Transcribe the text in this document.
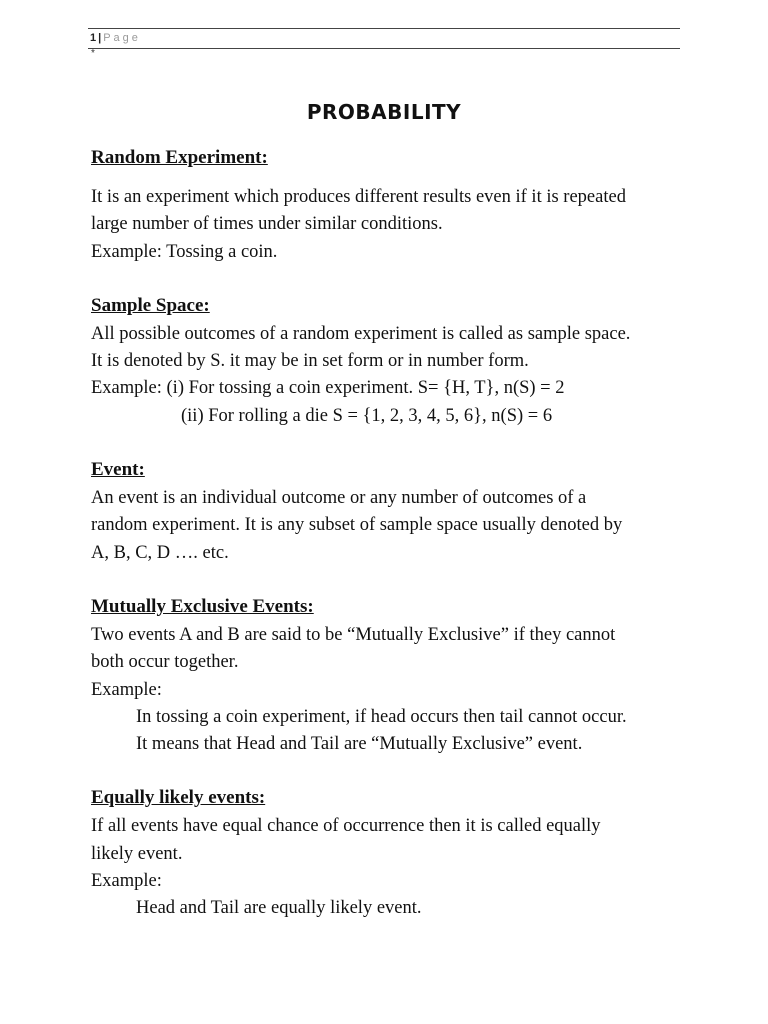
1 | Page
*
PROBABILITY
Random Experiment:

It is an experiment which produces different results even if it is repeated

large number of times under similar conditions.

Example: Tossing a coin.

Sample Space:

All possible outcomes of a random experiment is called as sample space.

It is denoted by S. it may be in set form or in number form.

Example: (i) For tossing a coin experiment. S= {H, T}, n(S) = 2

(ii) For rolling a die S = {1, 2, 3, 4, 5, 6}, n(S) = 6

Event:

An event is an individual outcome or any number of outcomes of a

random experiment. It is any subset of sample space usually denoted by

A, B, C, D …. etc.

Mutually Exclusive Events:

Two events A and B are said to be “Mutually Exclusive” if they cannot

both occur together.

Example:

In tossing a coin experiment, if head occurs then tail cannot occur.

It means that Head and Tail are “Mutually Exclusive” event.

Equally likely events:

If all events have equal chance of occurrence then it is called equally

likely event.

Example:

Head and Tail are equally likely event.
